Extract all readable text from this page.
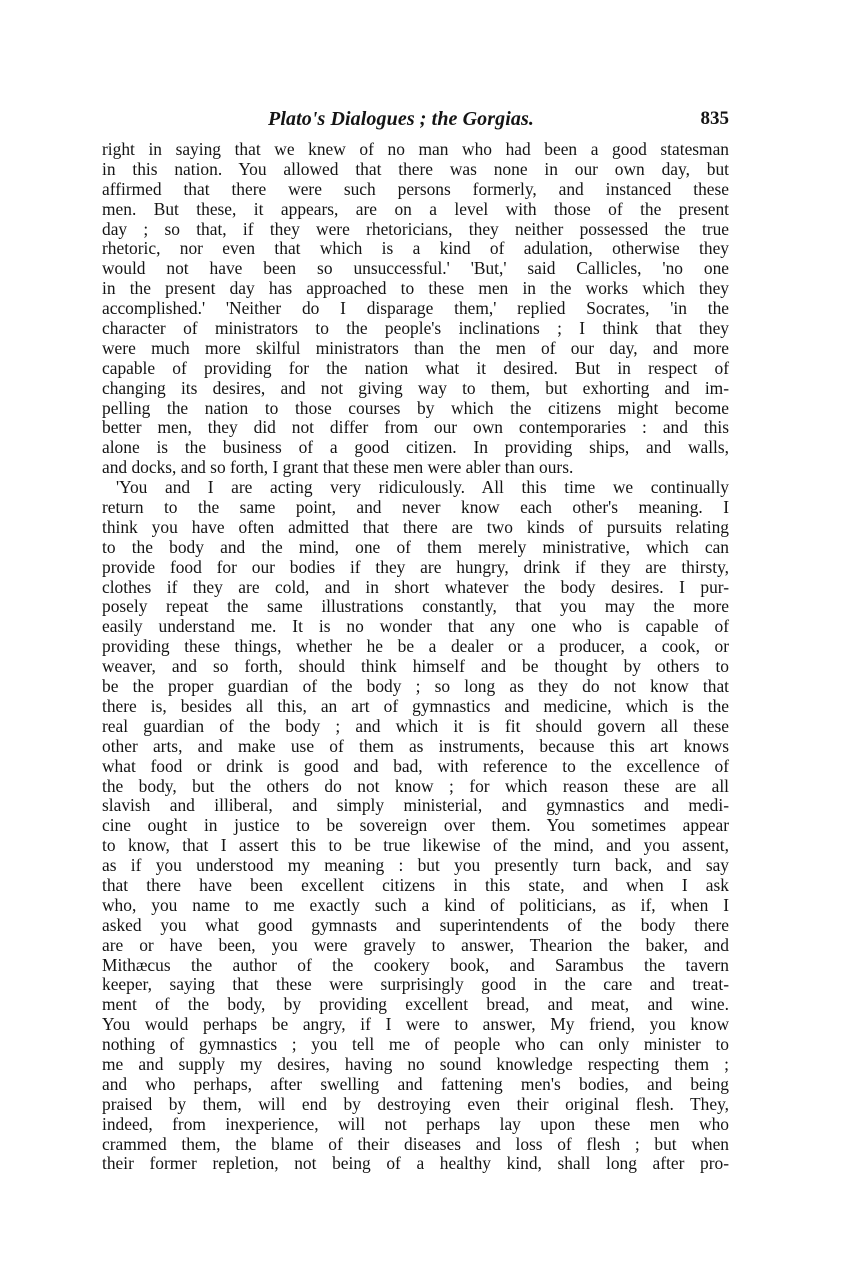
Plato's Dialogues ; the Gorgias.	835
right in saying that we knew of no man who had been a good statesman
in this nation. You allowed that there was none in our own day, but
affirmed that there were such persons formerly, and instanced these
men. But these, it appears, are on a level with those of the present
day ; so that, if they were rhetoricians, they neither possessed the true
rhetoric, nor even that which is a kind of adulation, otherwise they
would not have been so unsuccessful.' 'But,' said Callicles, 'no one
in the present day has approached to these men in the works which they
accomplished.' 'Neither do I disparage them,' replied Socrates, 'in the
character of ministrators to the people's inclinations ; I think that they
were much more skilful ministrators than the men of our day, and more
capable of providing for the nation what it desired. But in respect of
changing its desires, and not giving way to them, but exhorting and im-
pelling the nation to those courses by which the citizens might become
better men, they did not differ from our own contemporaries : and this
alone is the business of a good citizen. In providing ships, and walls,
and docks, and so forth, I grant that these men were abler than ours.
'You and I are acting very ridiculously. All this time we continually
return to the same point, and never know each other's meaning. I
think you have often admitted that there are two kinds of pursuits relating
to the body and the mind, one of them merely ministrative, which can
provide food for our bodies if they are hungry, drink if they are thirsty,
clothes if they are cold, and in short whatever the body desires. I pur-
posely repeat the same illustrations constantly, that you may the more
easily understand me. It is no wonder that any one who is capable of
providing these things, whether he be a dealer or a producer, a cook, or
weaver, and so forth, should think himself and be thought by others to
be the proper guardian of the body ; so long as they do not know that
there is, besides all this, an art of gymnastics and medicine, which is the
real guardian of the body ; and which it is fit should govern all these
other arts, and make use of them as instruments, because this art knows
what food or drink is good and bad, with reference to the excellence of
the body, but the others do not know ; for which reason these are all
slavish and illiberal, and simply ministerial, and gymnastics and medi-
cine ought in justice to be sovereign over them. You sometimes appear
to know, that I assert this to be true likewise of the mind, and you assent,
as if you understood my meaning : but you presently turn back, and say
that there have been excellent citizens in this state, and when I ask
who, you name to me exactly such a kind of politicians, as if, when I
asked you what good gymnasts and superintendents of the body there
are or have been, you were gravely to answer, Thearion the baker, and
Mithæcus the author of the cookery book, and Sarambus the tavern
keeper, saying that these were surprisingly good in the care and treat-
ment of the body, by providing excellent bread, and meat, and wine.
You would perhaps be angry, if I were to answer, My friend, you know
nothing of gymnastics ; you tell me of people who can only minister to
me and supply my desires, having no sound knowledge respecting them ;
and who perhaps, after swelling and fattening men's bodies, and being
praised by them, will end by destroying even their original flesh. They,
indeed, from inexperience, will not perhaps lay upon these men who
crammed them, the blame of their diseases and loss of flesh ; but when
their former repletion, not being of a healthy kind, shall long after pro-
